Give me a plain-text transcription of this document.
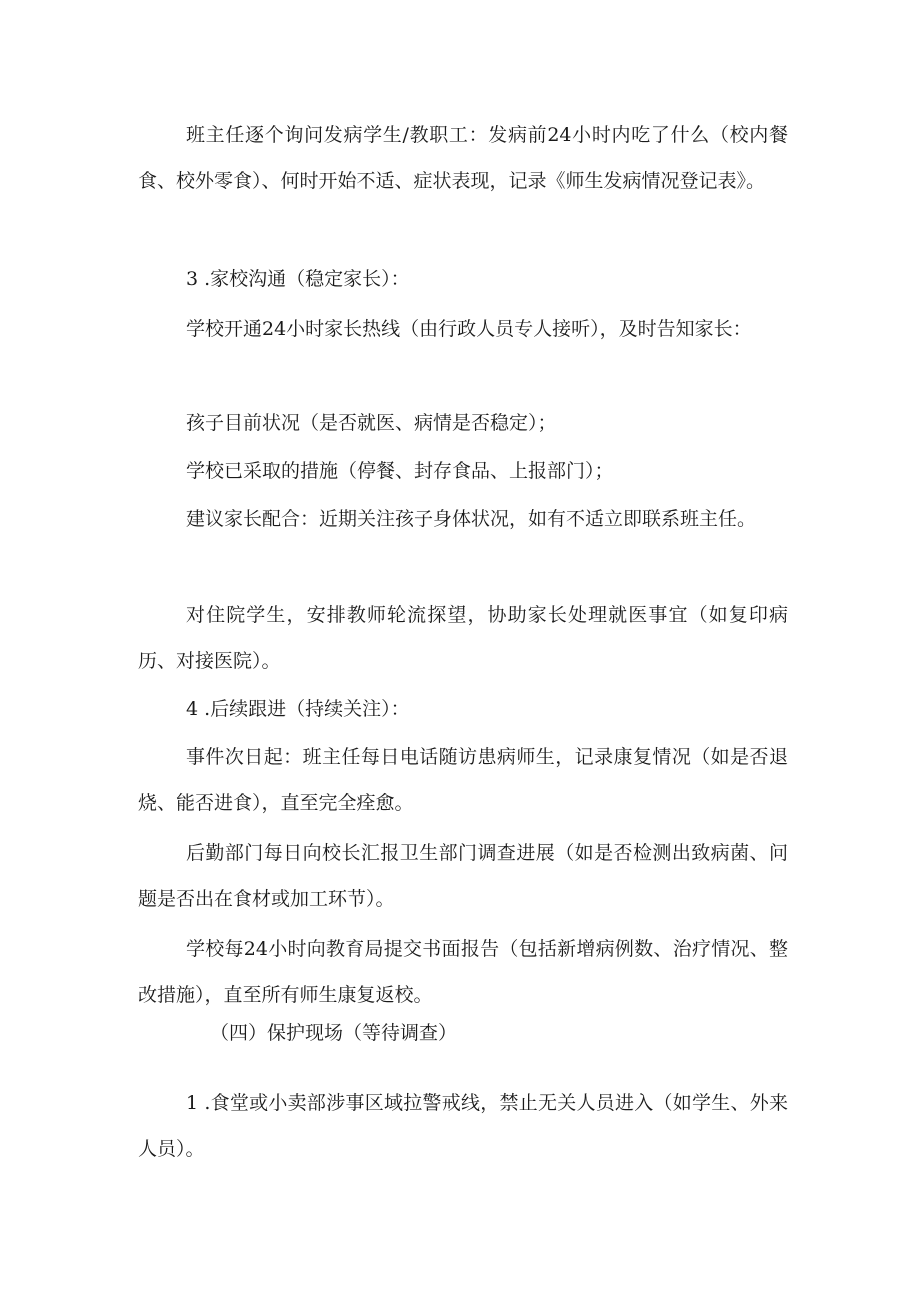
班主任逐个询问发病学生/教职工：发病前24小时内吃了什么（校内餐食、校外零食）、何时开始不适、症状表现，记录《师生发病情况登记表》。

3 .家校沟通（稳定家长）：

学校开通24小时家长热线（由行政人员专人接听），及时告知家长：

孩子目前状况（是否就医、病情是否稳定）；

学校已采取的措施（停餐、封存食品、上报部门）；

建议家长配合：近期关注孩子身体状况，如有不适立即联系班主任。

对住院学生，安排教师轮流探望，协助家长处理就医事宜（如复印病历、对接医院）。

4 .后续跟进（持续关注）：

事件次日起：班主任每日电话随访患病师生，记录康复情况（如是否退烧、能否进食），直至完全痊愈。

后勤部门每日向校长汇报卫生部门调查进展（如是否检测出致病菌、问题是否出在食材或加工环节）。

学校每24小时向教育局提交书面报告（包括新增病例数、治疗情况、整改措施），直至所有师生康复返校。

（四）保护现场（等待调查）

1 .食堂或小卖部涉事区域拉警戒线，禁止无关人员进入（如学生、外来人员）。
